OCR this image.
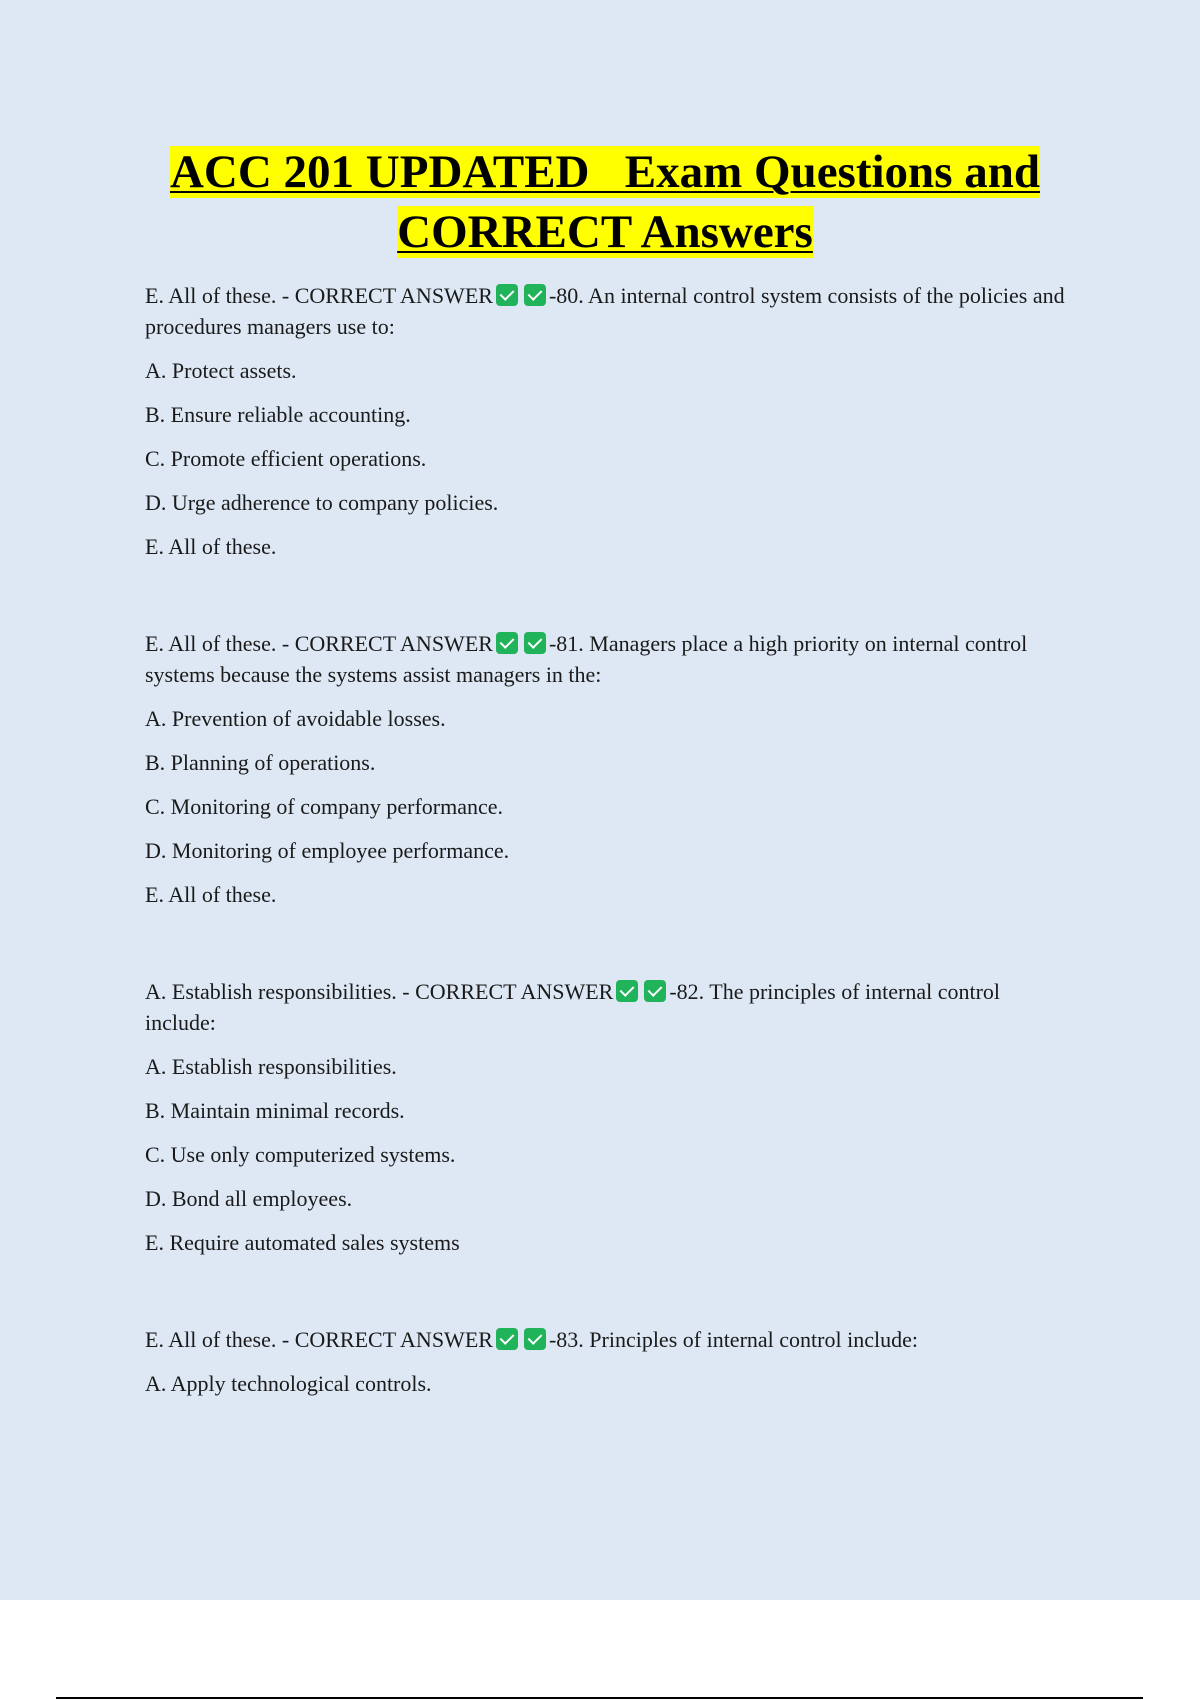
ACC 201 UPDATED   Exam Questions and
CORRECT Answers

E. All of these. - CORRECT ANSWER	-80. An internal control system consists of the policies and procedures managers use to:

A. Protect assets.

B. Ensure reliable accounting.

C. Promote efficient operations.

D. Urge adherence to company policies.

E. All of these.

E. All of these. - CORRECT ANSWER	-81. Managers place a high priority on internal control systems because the systems assist managers in the:

A. Prevention of avoidable losses.

B. Planning of operations.

C. Monitoring of company performance.

D. Monitoring of employee performance.

E. All of these.

A. Establish responsibilities. - CORRECT ANSWER	-82. The principles of internal control include:

A. Establish responsibilities.

B. Maintain minimal records.

C. Use only computerized systems.

D. Bond all employees.

E. Require automated sales systems

E. All of these. - CORRECT ANSWER	-83. Principles of internal control include:

A. Apply technological controls.
